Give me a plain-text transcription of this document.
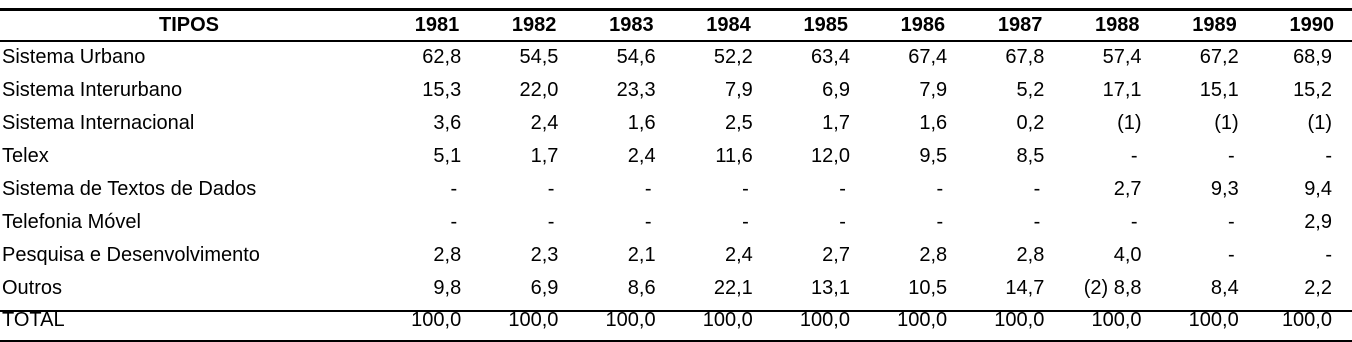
TIPOS	1981	1982	1983	1984	1985	1986	1987	1988	1989	1990
Sistema Urbano	62,8	54,5	54,6	52,2	63,4	67,4	67,8	57,4	67,2	68,9
Sistema Interurbano	15,3	22,0	23,3	7,9	6,9	7,9	5,2	17,1	15,1	15,2
Sistema Internacional	3,6	2,4	1,6	2,5	1,7	1,6	0,2	(1)	(1)	(1)
Telex	5,1	1,7	2,4	11,6	12,0	9,5	8,5	-	-	-
Sistema de Textos de Dados	-	-	-	-	-	-	-	2,7	9,3	9,4
Telefonia Móvel	-	-	-	-	-	-	-	-	-	2,9
Pesquisa e Desenvolvimento	2,8	2,3	2,1	2,4	2,7	2,8	2,8	4,0	-	-
Outros	9,8	6,9	8,6	22,1	13,1	10,5	14,7	(2) 8,8	8,4	2,2
TOTAL	100,0	100,0	100,0	100,0	100,0	100,0	100,0	100,0	100,0	100,0
